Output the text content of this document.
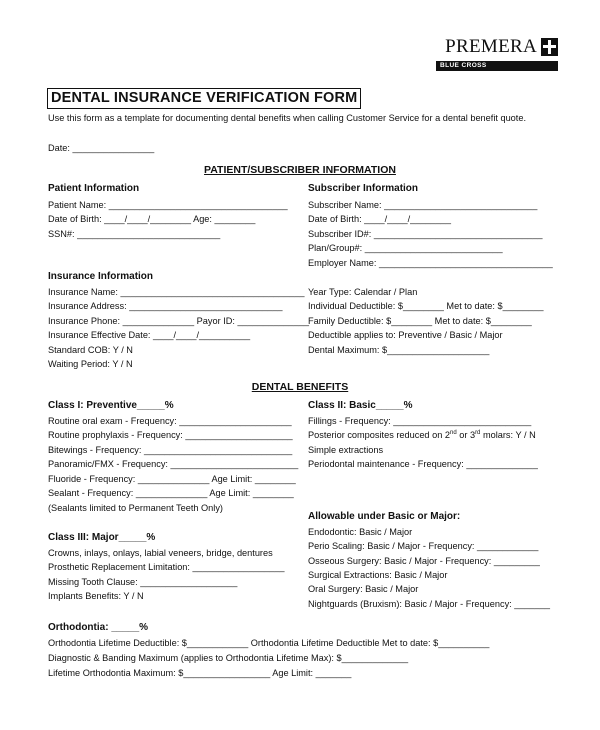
PREMERA
BLUE CROSS
DENTAL INSURANCE VERIFICATION FORM
Use this form as a template for documenting dental benefits when calling Customer Service for a dental benefit quote.
Date: ________________
PATIENT/SUBSCRIBER INFORMATION
Patient Information
Patient Name: ___________________________________
Date of Birth: ____/____/________ Age: ________
SSN#: ____________________________
Subscriber Information
Subscriber Name: ______________________________
Date of Birth: ____/____/________
Subscriber ID#: _________________________________
Plan/Group#: ___________________________
Employer Name: __________________________________
Insurance Information
Insurance Name: ____________________________________
Insurance Address: ______________________________
Insurance Phone: ______________ Payor ID: ______________
Insurance Effective Date: ____/____/__________
Standard COB: Y / N
Waiting Period: Y / N
Year Type: Calendar / Plan
Individual Deductible: $________ Met to date: $________
Family Deductible: $________ Met to date: $________
Deductible applies to: Preventive / Basic / Major
Dental Maximum: $____________________
DENTAL BENEFITS
Class I: Preventive_____%
Routine oral exam - Frequency: ______________________
Routine prophylaxis - Frequency: _____________________
Bitewings - Frequency: _____________________________
Panoramic/FMX - Frequency: _________________________
Fluoride - Frequency: ______________ Age Limit: ________
Sealant - Frequency: ______________ Age Limit: ________
(Sealants limited to Permanent Teeth Only)
Class II: Basic_____%
Fillings - Frequency: ___________________________
Posterior composites reduced on 2nd or 3rd molars: Y / N
Simple extractions
Periodontal maintenance - Frequency: ______________
Allowable under Basic or Major:
Endodontic: Basic / Major
Perio Scaling: Basic / Major - Frequency: ____________
Osseous Surgery: Basic / Major - Frequency: _________
Surgical Extractions: Basic / Major
Oral Surgery: Basic / Major
Nightguards (Bruxism): Basic / Major - Frequency: _______
Class III: Major_____%
Crowns, inlays, onlays, labial veneers, bridge, dentures
Prosthetic Replacement Limitation: __________________
Missing Tooth Clause: ___________________
Implants Benefits: Y / N
Orthodontia: _____%
Orthodontia Lifetime Deductible: $____________ Orthodontia Lifetime Deductible Met to date: $__________
Diagnostic & Banding Maximum (applies to Orthodontia Lifetime Max): $_____________
Lifetime Orthodontia Maximum: $_________________ Age Limit: _______
